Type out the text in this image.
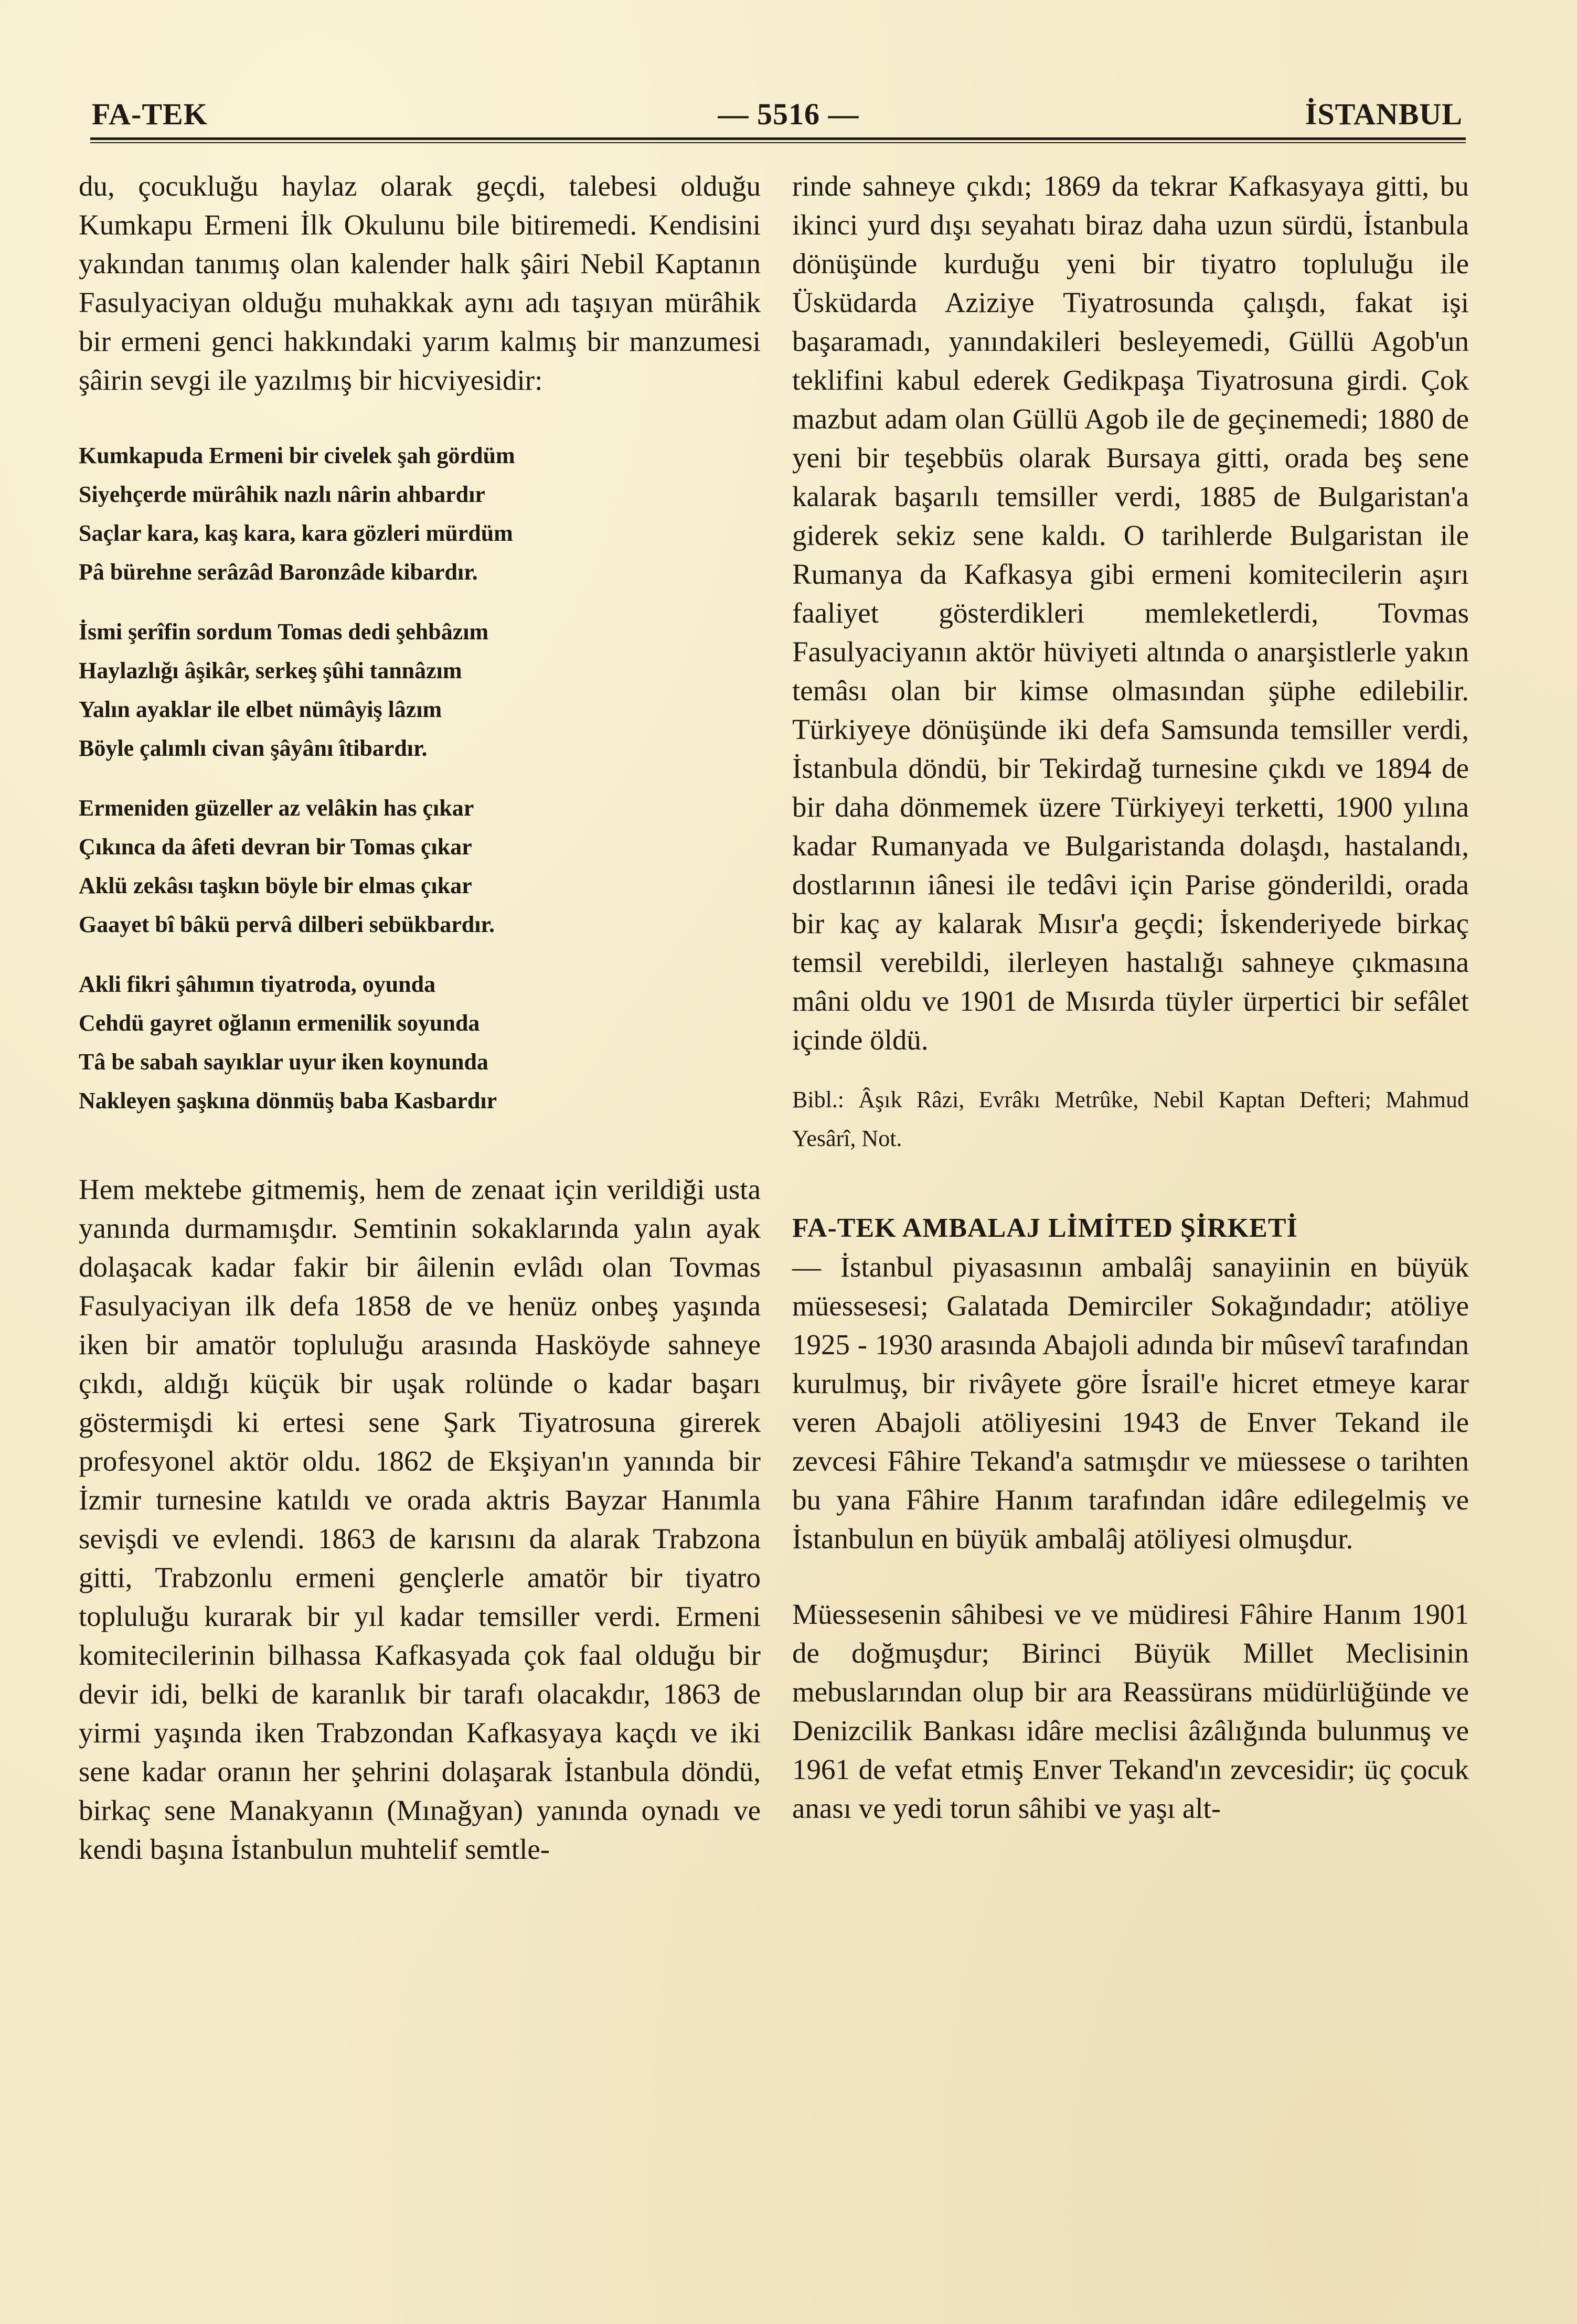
FA-TEK	— 5516 —	İSTANBUL

du, çocukluğu haylaz olarak geçdi, talebesi olduğu Kumkapu Ermeni İlk Okulunu bile bitiremedi. Kendisini yakından tanımış olan kalender halk şâiri Nebil Kaptanın Fasulyaciyan olduğu muhakkak aynı adı taşıyan mürâhik bir ermeni genci hakkındaki yarım kalmış bir manzumesi şâirin sevgi ile yazılmış bir hicviyesidir:

Kumkapuda Ermeni bir civelek şah gördüm
Siyehçerde mürâhik nazlı nârin ahbardır
Saçlar kara, kaş kara, kara gözleri mürdüm
Pâ bürehne serâzâd Baronzâde kibardır.
İsmi şerîfin sordum Tomas dedi şehbâzım
Haylazlığı âşikâr, serkeş şûhi tannâzım
Yalın ayaklar ile elbet nümâyiş lâzım
Böyle çalımlı civan şâyânı îtibardır.
Ermeniden güzeller az velâkin has çıkar
Çıkınca da âfeti devran bir Tomas çıkar
Aklü zekâsı taşkın böyle bir elmas çıkar
Gaayet bî bâkü pervâ dilberi sebükbardır.
Akli fikri şâhımın tiyatroda, oyunda
Cehdü gayret oğlanın ermenilik soyunda
Tâ be sabah sayıklar uyur iken koynunda
Nakleyen şaşkına dönmüş baba Kasbardır

Hem mektebe gitmemiş, hem de zenaat için verildiği usta yanında durmamışdır. Semtinin sokaklarında yalın ayak dolaşacak kadar fakir bir âilenin evlâdı olan Tovmas Fasulyaciyan ilk defa 1858 de ve henüz onbeş yaşında iken bir amatör topluluğu arasında Hasköyde sahneye çıkdı, aldığı küçük bir uşak rolünde o kadar başarı göstermişdi ki ertesi sene Şark Tiyatrosuna girerek profesyonel aktör oldu. 1862 de Ekşiyan'ın yanında bir İzmir turnesine katıldı ve orada aktris Bayzar Hanımla sevişdi ve evlendi. 1863 de karısını da alarak Trabzona gitti, Trabzonlu ermeni gençlerle amatör bir tiyatro topluluğu kurarak bir yıl kadar temsiller verdi. Ermeni komitecilerinin bilhassa Kafkasyada çok faal olduğu bir devir idi, belki de karanlık bir tarafı olacakdır, 1863 de yirmi yaşında iken Trabzondan Kafkasyaya kaçdı ve iki sene kadar oranın her şehrini dolaşarak İstanbula döndü, birkaç sene Manakyanın (Mınağyan) yanında oynadı ve kendi başına İstanbulun muhtelif semtle-

rinde sahneye çıkdı; 1869 da tekrar Kafkasyaya gitti, bu ikinci yurd dışı seyahatı biraz daha uzun sürdü, İstanbula dönüşünde kurduğu yeni bir tiyatro topluluğu ile Üsküdarda Aziziye Tiyatrosunda çalışdı, fakat işi başaramadı, yanındakileri besleyemedi, Güllü Agob'un teklifini kabul ederek Gedikpaşa Tiyatrosuna girdi. Çok mazbut adam olan Güllü Agob ile de geçinemedi; 1880 de yeni bir teşebbüs olarak Bursaya gitti, orada beş sene kalarak başarılı temsiller verdi, 1885 de Bulgaristan'a giderek sekiz sene kaldı. O tarihlerde Bulgaristan ile Rumanya da Kafkasya gibi ermeni komitecilerin aşırı faaliyet gösterdikleri memleketlerdi, Tovmas Fasulyaciyanın aktör hüviyeti altında o anarşistlerle yakın temâsı olan bir kimse olmasından şüphe edilebilir. Türkiyeye dönüşünde iki defa Samsunda temsiller verdi, İstanbula döndü, bir Tekirdağ turnesine çıkdı ve 1894 de bir daha dönmemek üzere Türkiyeyi terketti, 1900 yılına kadar Rumanyada ve Bulgaristanda dolaşdı, hastalandı, dostlarının iânesi ile tedâvi için Parise gönderildi, orada bir kaç ay kalarak Mısır'a geçdi; İskenderiyede birkaç temsil verebildi, ilerleyen hastalığı sahneye çıkmasına mâni oldu ve 1901 de Mısırda tüyler ürpertici bir sefâlet içinde öldü.

Bibl.: Âşık Râzi, Evrâkı Metrûke, Nebil Kaptan Defteri; Mahmud Yesârî, Not.

FA-TEK AMBALAJ LİMİTED ŞİRKETİ
— İstanbul piyasasının ambalâj sanayiinin en büyük müessesesi; Galatada Demirciler Sokağındadır; atöliye 1925 - 1930 arasında Abajoli adında bir mûsevî tarafından kurulmuş, bir rivâyete göre İsrail'e hicret etmeye karar veren Abajoli atöliyesini 1943 de Enver Tekand ile zevcesi Fâhire Tekand'a satmışdır ve müessese o tarihten bu yana Fâhire Hanım tarafından idâre edilegelmiş ve İstanbulun en büyük ambalâj atöliyesi olmuşdur.

Müessesenin sâhibesi ve ve müdiresi Fâhire Hanım 1901 de doğmuşdur; Birinci Büyük Millet Meclisinin mebuslarından olup bir ara Reassürans müdürlüğünde ve Denizcilik Bankası idâre meclisi âzâlığında bulunmuş ve 1961 de vefat etmiş Enver Tekand'ın zevcesidir; üç çocuk anası ve yedi torun sâhibi ve yaşı alt-
